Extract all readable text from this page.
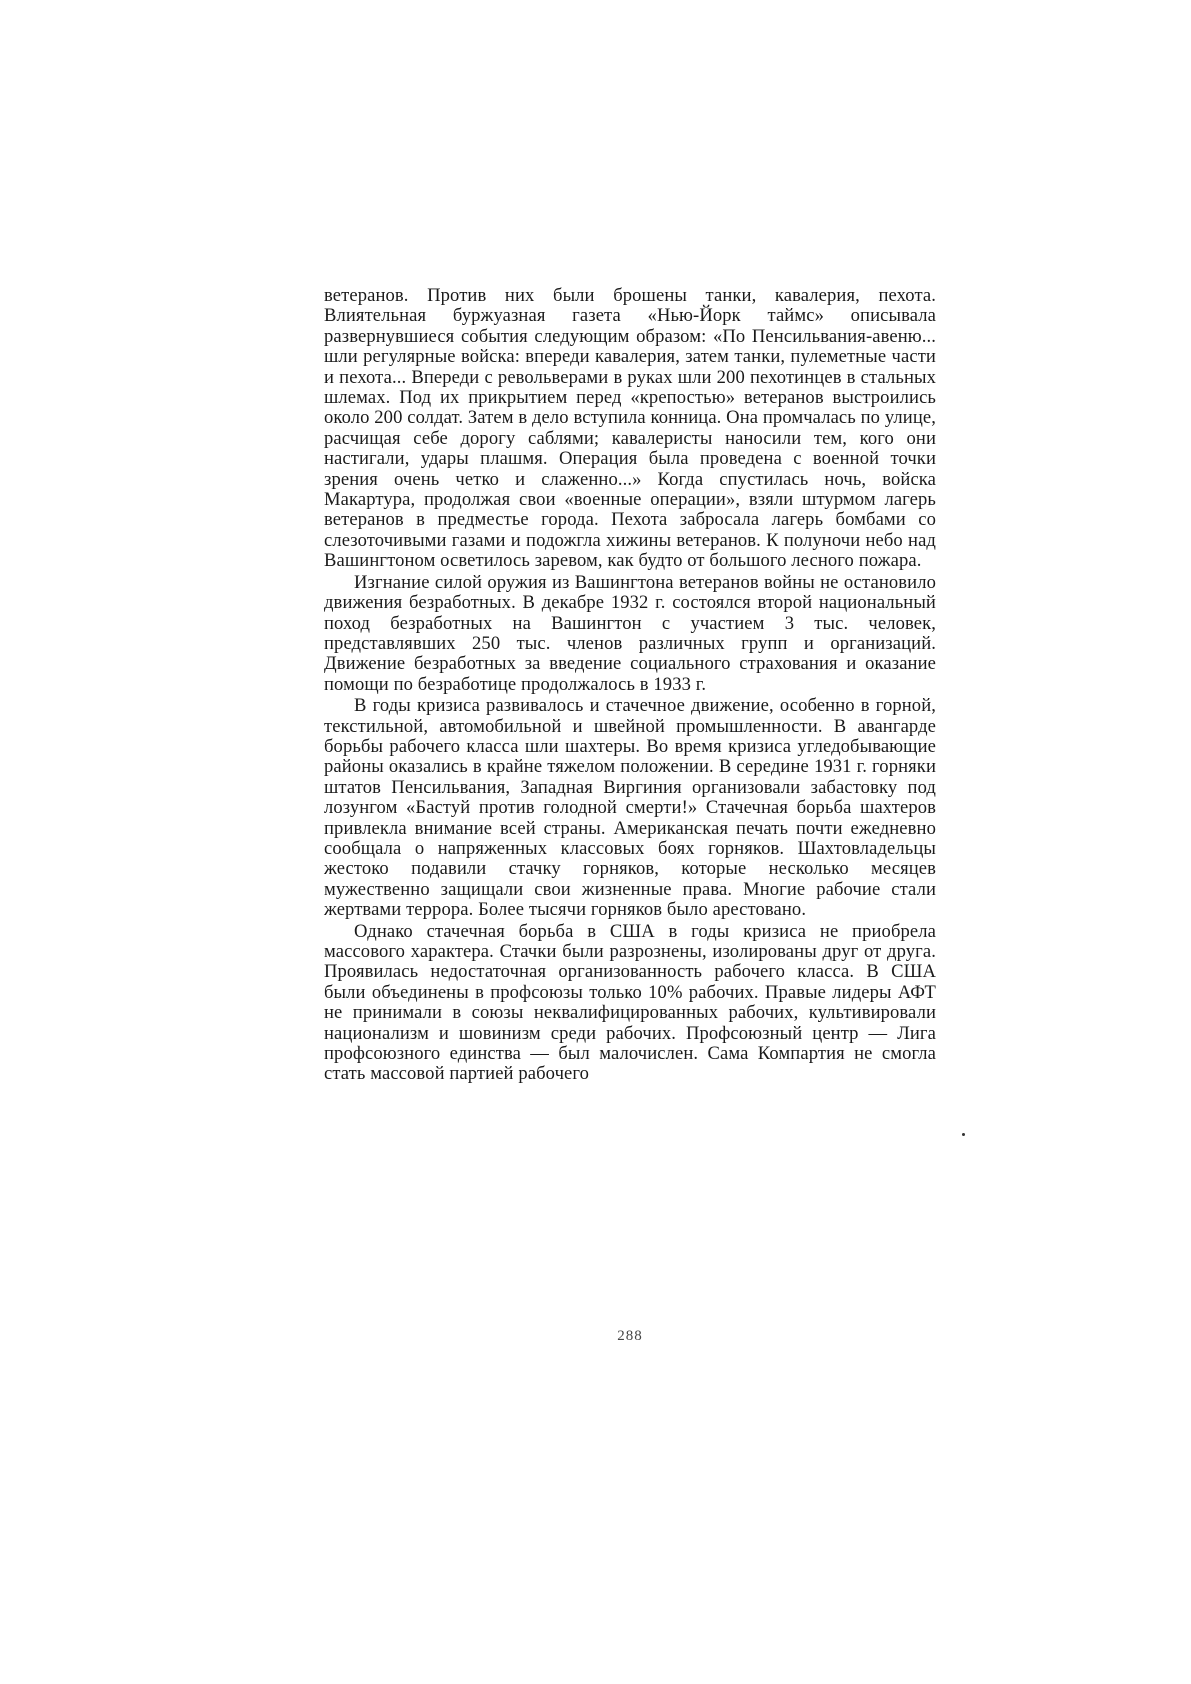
ветеранов. Против них были брошены танки, кавалерия, пехота. Влиятельная буржуазная газета «Нью-Йорк таймс» описывала развернувшиеся события следующим образом: «По Пенсильвания-авеню... шли регулярные войска: впереди кавалерия, затем танки, пулеметные части и пехота... Впереди с револьверами в руках шли 200 пехотинцев в стальных шлемах. Под их прикрытием перед «крепостью» ветеранов выстроились около 200 солдат. Затем в дело вступила конница. Она промчалась по улице, расчищая себе дорогу саблями; кавалеристы наносили тем, кого они настигали, удары плашмя. Операция была проведена с военной точки зрения очень четко и слаженно...» Когда спустилась ночь, войска Макартура, продолжая свои «военные операции», взяли штурмом лагерь ветеранов в предместье города. Пехота забросала лагерь бомбами со слезоточивыми газами и подожгла хижины ветеранов. К полуночи небо над Вашингтоном осветилось заревом, как будто от большого лесного пожара.

Изгнание силой оружия из Вашингтона ветеранов войны не остановило движения безработных. В декабре 1932 г. состоялся второй национальный поход безработных на Вашингтон с участием 3 тыс. человек, представлявших 250 тыс. членов различных групп и организаций. Движение безработных за введение социального страхования и оказание помощи по безработице продолжалось в 1933 г.

В годы кризиса развивалось и стачечное движение, особенно в горной, текстильной, автомобильной и швейной промышленности. В авангарде борьбы рабочего класса шли шахтеры. Во время кризиса угледобывающие районы оказались в крайне тяжелом положении. В середине 1931 г. горняки штатов Пенсильвания, Западная Виргиния организовали забастовку под лозунгом «Бастуй против голодной смерти!» Стачечная борьба шахтеров привлекла внимание всей страны. Американская печать почти ежедневно сообщала о напряженных классовых боях горняков. Шахтовладельцы жестоко подавили стачку горняков, которые несколько месяцев мужественно защищали свои жизненные права. Многие рабочие стали жертвами террора. Более тысячи горняков было арестовано.

Однако стачечная борьба в США в годы кризиса не приобрела массового характера. Стачки были разрознены, изолированы друг от друга. Проявилась недостаточная организованность рабочего класса. В США были объединены в профсоюзы только 10% рабочих. Правые лидеры АФТ не принимали в союзы неквалифицированных рабочих, культивировали национализм и шовинизм среди рабочих. Профсоюзный центр — Лига профсоюзного единства — был малочислен. Сама Компартия не смогла стать массовой партией рабочего

288
